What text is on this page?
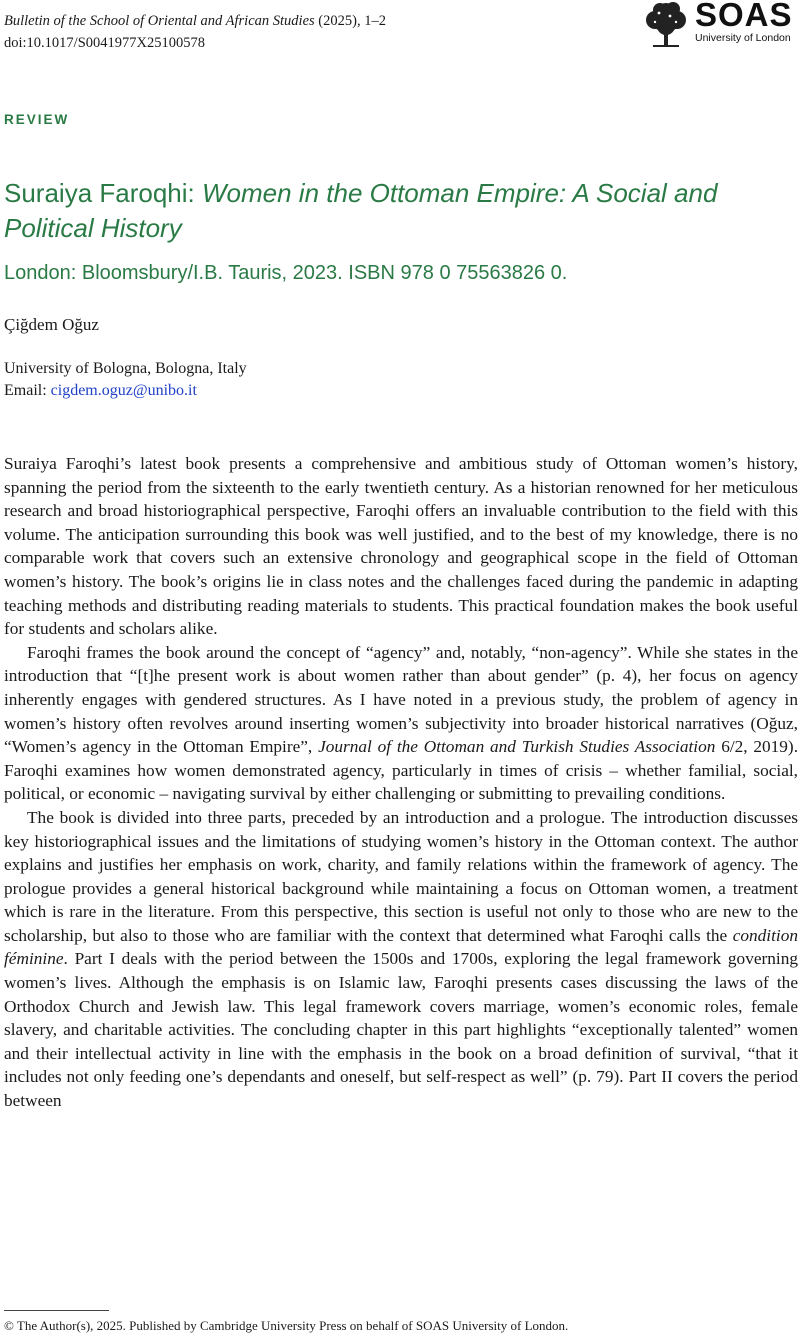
Bulletin of the School of Oriental and African Studies (2025), 1–2
doi:10.1017/S0041977X25100578
SOAS
University of London
REVIEW
Suraiya Faroqhi: Women in the Ottoman Empire: A Social and Political History
London: Bloomsbury/I.B. Tauris, 2023. ISBN 978 0 75563826 0.
Çiğdem Oğuz
University of Bologna, Bologna, Italy
Email: cigdem.oguz@unibo.it

Suraiya Faroqhi’s latest book presents a comprehensive and ambitious study of Ottoman women’s history, spanning the period from the sixteenth to the early twentieth century. As a historian renowned for her meticulous research and broad historiographical perspective, Faroqhi offers an invaluable contribution to the field with this volume. The anticipation surrounding this book was well justified, and to the best of my knowledge, there is no comparable work that covers such an extensive chronology and geographical scope in the field of Ottoman women’s history. The book’s origins lie in class notes and the challenges faced during the pandemic in adapting teaching methods and distributing reading materials to students. This practical foundation makes the book useful for students and scholars alike.

Faroqhi frames the book around the concept of “agency” and, notably, “non-agency”. While she states in the introduction that “[t]he present work is about women rather than about gender” (p. 4), her focus on agency inherently engages with gendered structures. As I have noted in a previous study, the problem of agency in women’s history often revolves around inserting women’s subjectivity into broader historical narratives (Oğuz, “Women’s agency in the Ottoman Empire”, Journal of the Ottoman and Turkish Studies Association 6/2, 2019). Faroqhi examines how women demonstrated agency, particularly in times of crisis – whether familial, social, political, or economic – navigating survival by either challenging or submitting to prevailing conditions.

The book is divided into three parts, preceded by an introduction and a prologue. The introduction discusses key historiographical issues and the limitations of studying women’s history in the Ottoman context. The author explains and justifies her emphasis on work, charity, and family relations within the framework of agency. The prologue provides a general historical background while maintaining a focus on Ottoman women, a treatment which is rare in the literature. From this perspective, this section is useful not only to those who are new to the scholarship, but also to those who are familiar with the context that determined what Faroqhi calls the condition féminine. Part I deals with the period between the 1500s and 1700s, exploring the legal framework governing women’s lives. Although the emphasis is on Islamic law, Faroqhi presents cases discussing the laws of the Orthodox Church and Jewish law. This legal framework covers marriage, women’s economic roles, female slavery, and charitable activities. The concluding chapter in this part highlights “exceptionally talented” women and their intellectual activity in line with the emphasis in the book on a broad definition of survival, “that it includes not only feeding one’s dependants and oneself, but self-respect as well” (p. 79). Part II covers the period between

© The Author(s), 2025. Published by Cambridge University Press on behalf of SOAS University of London.
